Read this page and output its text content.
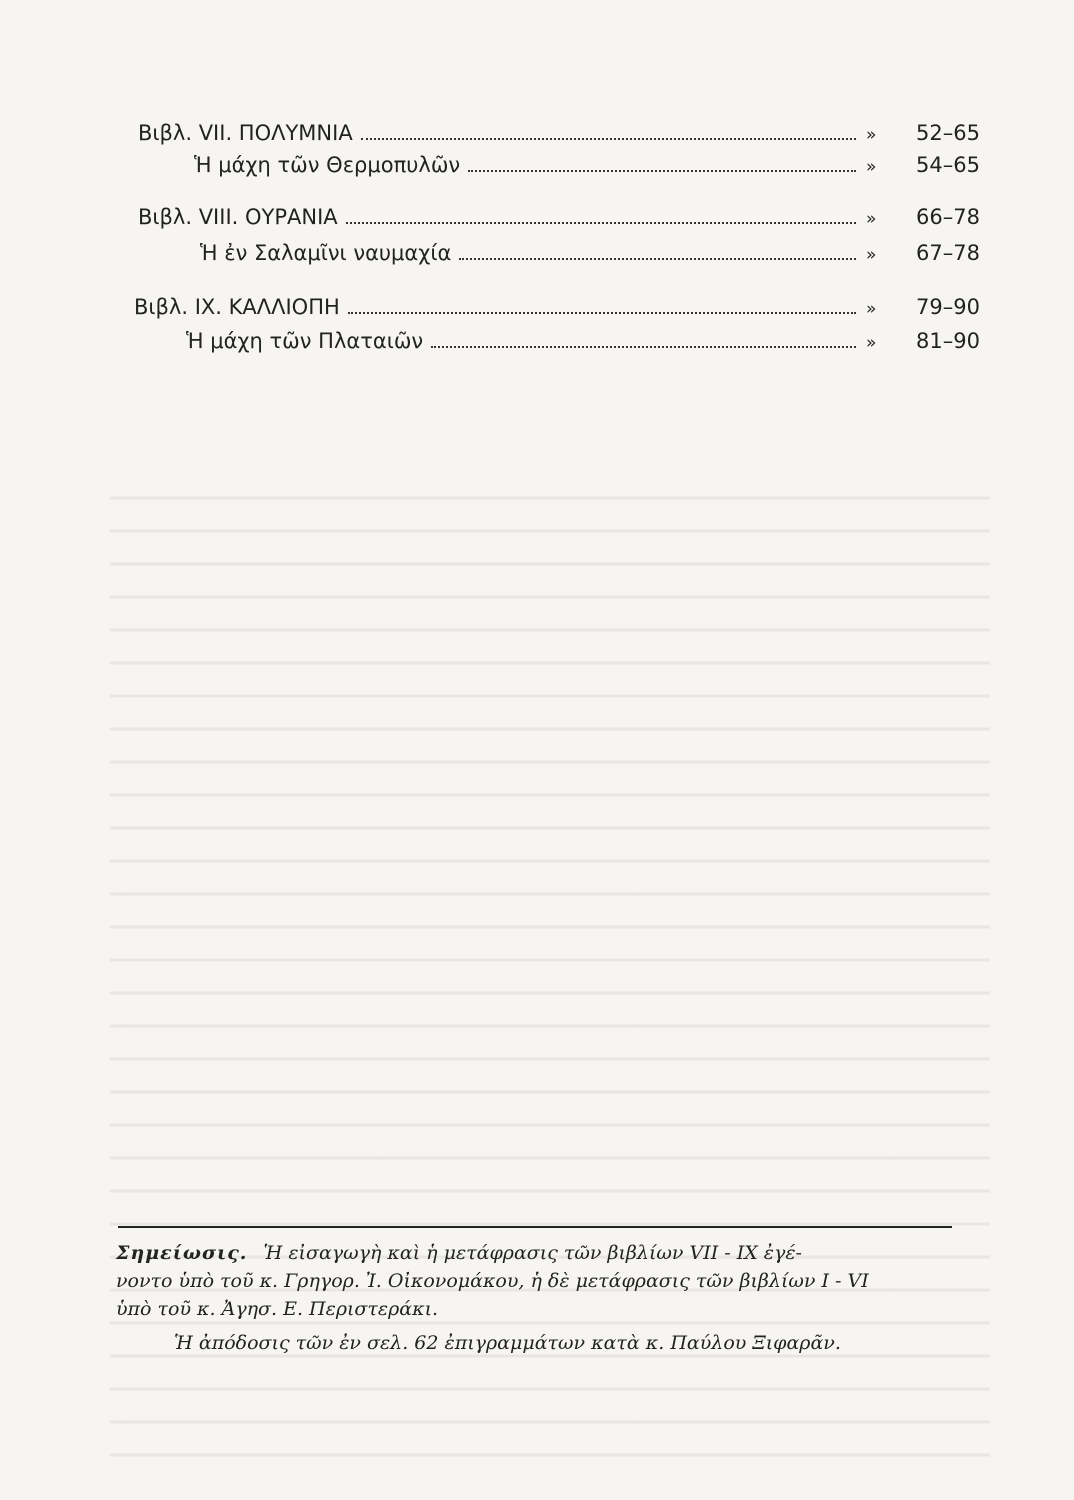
Βιβλ. VII. ΠΟΛΥΜΝΙΑ	»	52–65
Ἡ μάχη τῶν Θερμοπυλῶν	»	54–65
Βιβλ. VIII. ΟΥΡΑΝΙΑ	»	66–78
Ἡ ἐν Σαλαμῖνι ναυμαχία	»	67–78
Βιβλ. IX. ΚΑΛΛΙΟΠΗ	»	79–90
Ἡ μάχη τῶν Πλαταιῶν	»	81–90
Σημείωσις. Ἡ εἰσαγωγὴ καὶ ἡ μετάφρασις τῶν βιβλίων VII - IX ἐγέ-
νοντο ὑπὸ τοῦ κ. Γρηγορ. Ἰ. Οἰκονομάκου, ἡ δὲ μετάφρασις τῶν βιβλίων I - VI
ὑπὸ τοῦ κ. Ἀγησ. Ε. Περιστεράκι.
Ἡ ἀπόδοσις τῶν ἐν σελ. 62 ἐπιγραμμάτων κατὰ κ. Παύλου Ξιφαρᾶν.
